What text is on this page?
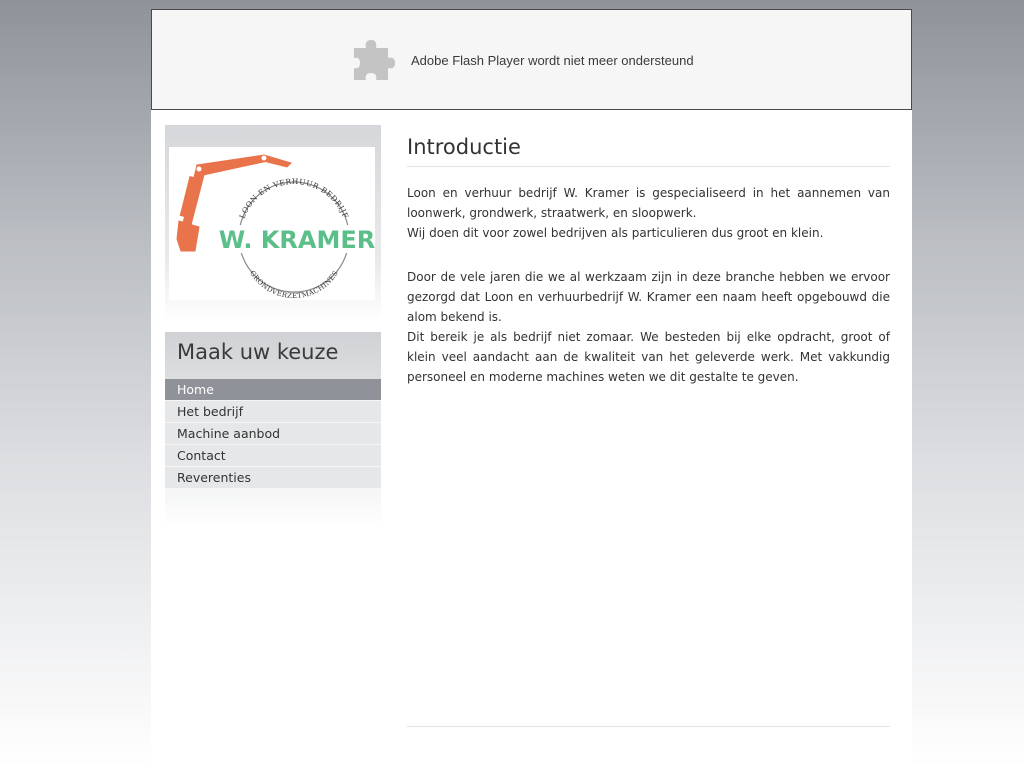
Adobe Flash Player wordt niet meer ondersteund
LOON EN VERHUUR BEDRIJF
GRONDVERZETMACHINES
W. KRAMER
Maak uw keuze
Home
Het bedrijf
Machine aanbod
Contact
Reverenties
Introductie

Loon en verhuur bedrijf W. Kramer is gespecialiseerd in het aannemen van loonwerk, grondwerk, straatwerk, en sloopwerk.

Wij doen dit voor zowel bedrijven als particulieren dus groot en klein.

Door de vele jaren die we al werkzaam zijn in deze branche hebben we ervoor gezorgd dat Loon en verhuurbedrijf W. Kramer een naam heeft opgebouwd die alom bekend is.

Dit bereik je als bedrijf niet zomaar. We besteden bij elke opdracht, groot of klein veel aandacht aan de kwaliteit van het geleverde werk. Met vakkundig personeel en moderne machines weten we dit gestalte te geven.
